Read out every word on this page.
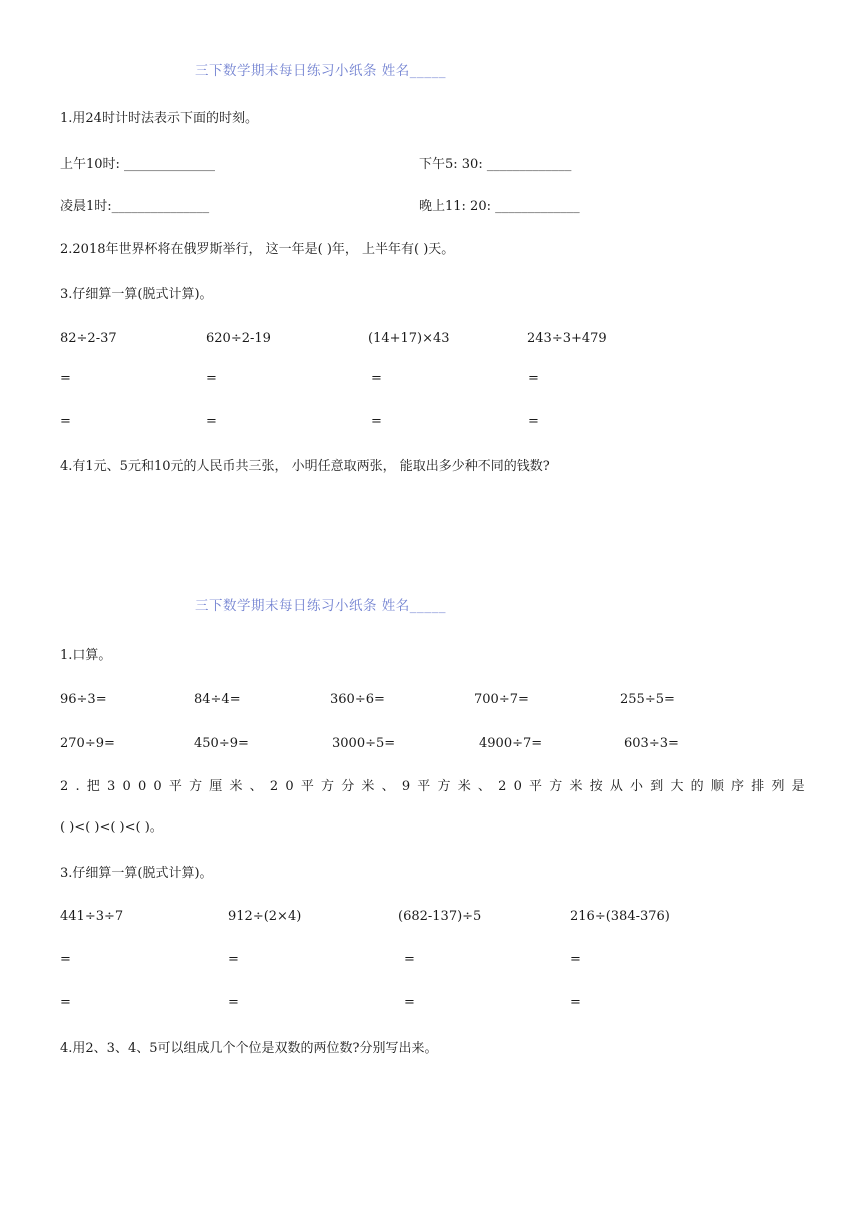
三下数学期末每日练习小纸条 姓名_____
1.用24时计时法表示下面的时刻。
上午10时: ______________	下午5: 30: _____________
凌晨1时:_______________	晚上11: 20: _____________
2.2018年世界杯将在俄罗斯举行， 这一年是( )年， 上半年有( )天。
3.仔细算一算(脱式计算)。
82÷2-37	620÷2-19	(14+17)×43	243÷3+479
=	=	=	=
=	=	=	=
4.有1元、5元和10元的人民币共三张， 小明任意取两张， 能取出多少种不同的钱数?
三下数学期末每日练习小纸条 姓名_____
1.口算。
96÷3=	84÷4=	360÷6=	700÷7=	255÷5=
270÷9=	450÷9=	3000÷5=	4900÷7=	603÷3=
2.把3000平方厘米、20平方分米、9平方米、20平方米按从小到大的顺序排列是
( )<( )<( )<( )。
3.仔细算一算(脱式计算)。
441÷3÷7	912÷(2×4)	(682-137)÷5	216÷(384-376)
=	=	=	=
=	=	=	=
4.用2、3、4、5可以组成几个个位是双数的两位数?分别写出来。
